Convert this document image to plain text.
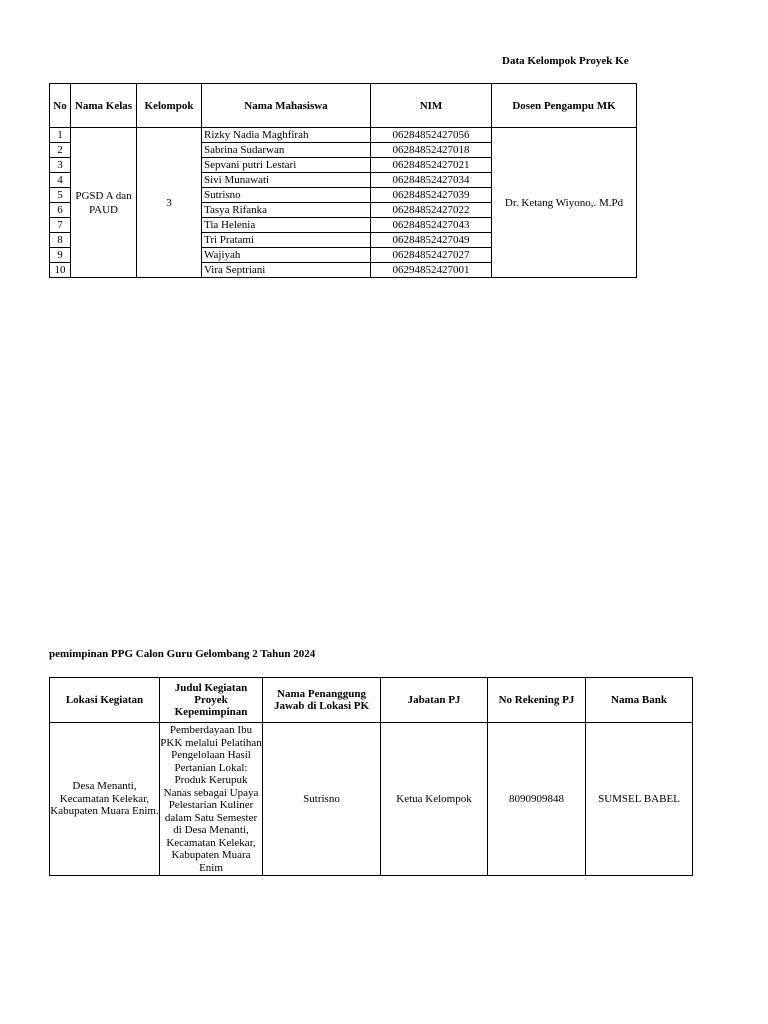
Data Kelompok Proyek Ke
No	Nama Kelas	Kelompok	Nama Mahasiswa	NIM	Dosen Pengampu MK
1	PGSD A dan PAUD	3	Rizky Nadia Maghfirah	06284852427056	Dr. Ketang Wiyono,. M.Pd
2			Sabrina Sudarwan	06284852427018	
3			Sepvani putri Lestari	06284852427021	
4			Sivi Munawati	06284852427034	
5			Sutrisno	06284852427039	
6			Tasya Rifanka	06284852427022	
7			Tia Helenia	06284852427043	
8			Tri Pratami	06284852427049	
9			Wajiyah	06284852427027	
10			Vira Septriani	06294852427001	
pemimpinan PPG Calon Guru Gelombang 2 Tahun 2024
Lokasi Kegiatan	Judul Kegiatan Proyek Kepemimpinan	Nama Penanggung Jawab di Lokasi PK	Jabatan PJ	No Rekening PJ	Nama Bank

Desa Menanti, Kecamatan Kelekar, Kabupaten Muara Enim.	Pemberdayaan Ibu PKK melalui Pelatihan Pengelolaan Hasil Pertanian Lokal: Produk Kerupuk Nanas sebagai Upaya Pelestarian Kuliner dalam Satu Semester di Desa Menanti, Kecamatan Kelekar, Kabupaten Muara Enim	Sutrisno	Ketua Kelompok	8090909848	SUMSEL BABEL
